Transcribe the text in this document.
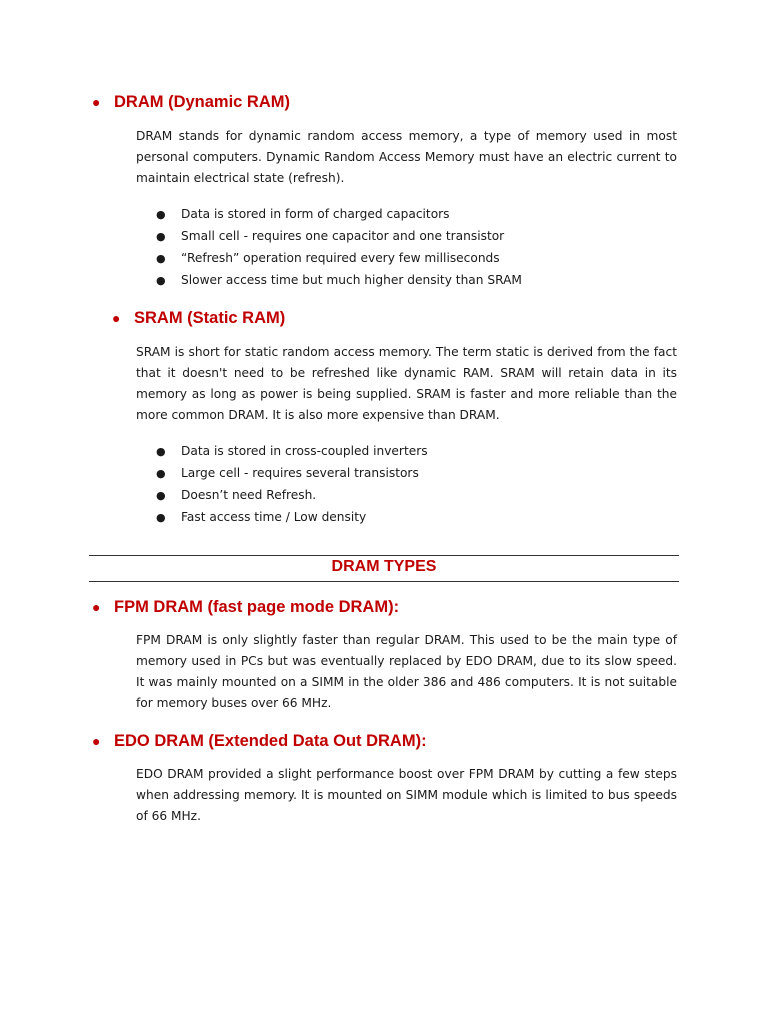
● DRAM (Dynamic RAM)
DRAM stands for dynamic random access memory, a type of memory used in most personal computers. Dynamic Random Access Memory must have an electric current to maintain electrical state (refresh).
● Data is stored in form of charged capacitors
● Small cell - requires one capacitor and one transistor
● “Refresh” operation required every few milliseconds
● Slower access time but much higher density than SRAM
● SRAM (Static RAM)
SRAM is short for static random access memory. The term static is derived from the fact that it doesn't need to be refreshed like dynamic RAM. SRAM will retain data in its memory as long as power is being supplied. SRAM is faster and more reliable than the more common DRAM. It is also more expensive than DRAM.
● Data is stored in cross-coupled inverters
● Large cell - requires several transistors
● Doesn’t need Refresh.
● Fast access time / Low density
DRAM TYPES
● FPM DRAM (fast page mode DRAM):
FPM DRAM is only slightly faster than regular DRAM. This used to be the main type of memory used in PCs but was eventually replaced by EDO DRAM, due to its slow speed. It was mainly mounted on a SIMM in the older 386 and 486 computers. It is not suitable for memory buses over 66 MHz.
● EDO DRAM (Extended Data Out DRAM):
EDO DRAM provided a slight performance boost over FPM DRAM by cutting a few steps when addressing memory. It is mounted on SIMM module which is limited to bus speeds of 66 MHz.
